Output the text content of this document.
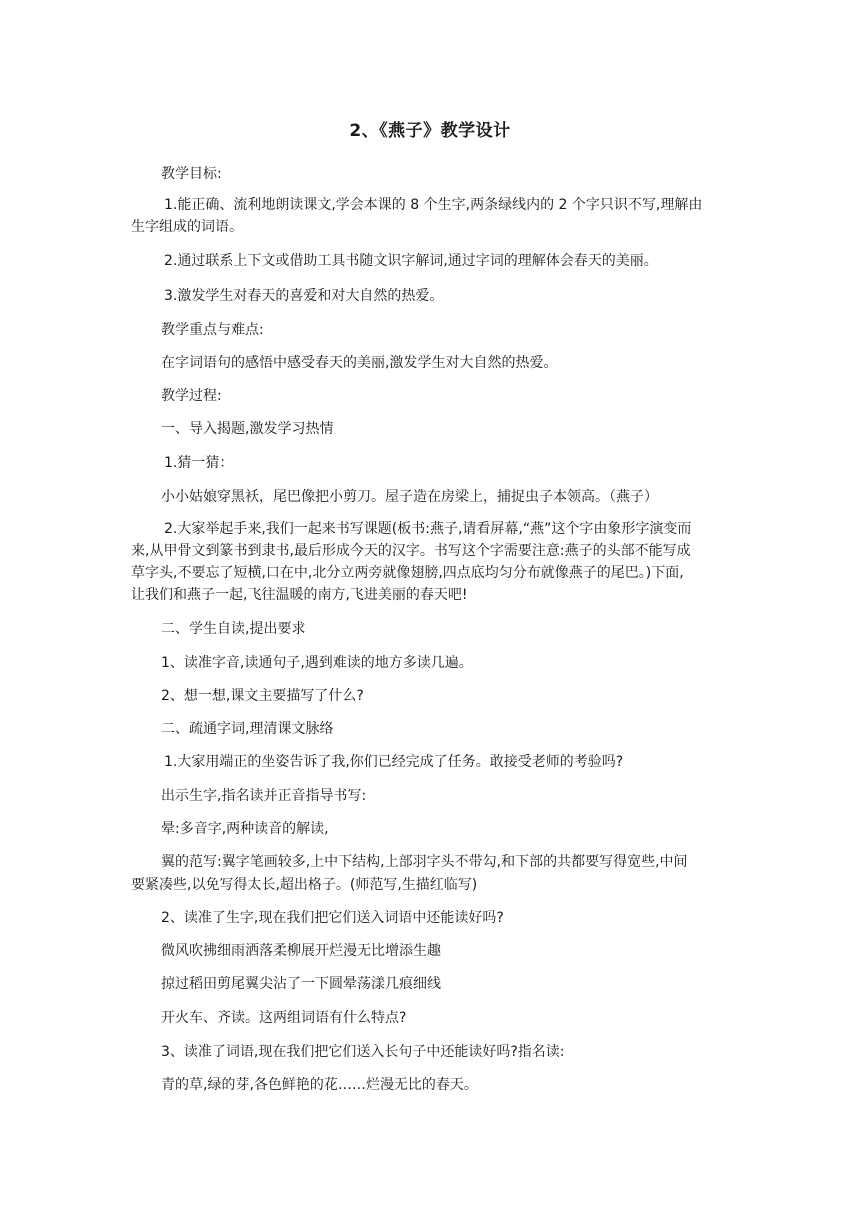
2、《燕子》教学设计
教学目标:
1.能正确、流利地朗读课文,学会本课的 8 个生字,两条绿线内的 2 个字只识不写,理解由
生字组成的词语。
2.通过联系上下文或借助工具书随文识字解词,通过字词的理解体会春天的美丽。
3.激发学生对春天的喜爱和对大自然的热爱。
教学重点与难点:
在字词语句的感悟中感受春天的美丽,激发学生对大自然的热爱。
教学过程:
一、导入揭题,激发学习热情
1.猜一猜：
小小姑娘穿黑袄，尾巴像把小剪刀。屋子造在房梁上，捕捉虫子本领高。（燕子）
2.大家举起手来,我们一起来书写课题(板书:燕子,请看屏幕,“燕”这个字由象形字演变而
来,从甲骨文到篆书到隶书,最后形成今天的汉字。书写这个字需要注意:燕子的头部不能写成
草字头,不要忘了短横,口在中,北分立两旁就像翅膀,四点底均匀分布就像燕子的尾巴。)下面,
让我们和燕子一起,飞往温暖的南方,飞进美丽的春天吧!
二、学生自读,提出要求
1、读准字音,读通句子,遇到难读的地方多读几遍。
2、想一想,课文主要描写了什么?
二、疏通字词,理清课文脉络
1.大家用端正的坐姿告诉了我,你们已经完成了任务。敢接受老师的考验吗?
出示生字,指名读并正音指导书写:
晕:多音字,两种读音的解读,
翼的范写:翼字笔画较多,上中下结构,上部羽字头不带勾,和下部的共都要写得宽些,中间
要紧凑些,以免写得太长,超出格子。(师范写,生描红临写)
2、读准了生字,现在我们把它们送入词语中还能读好吗?
微风吹拂细雨洒落柔柳展开烂漫无比增添生趣
掠过稻田剪尾翼尖沾了一下圆晕荡漾几痕细线
开火车、齐读。这两组词语有什么特点?
3、读准了词语,现在我们把它们送入长句子中还能读好吗?指名读:
青的草,绿的芽,各色鲜艳的花……烂漫无比的春天。
